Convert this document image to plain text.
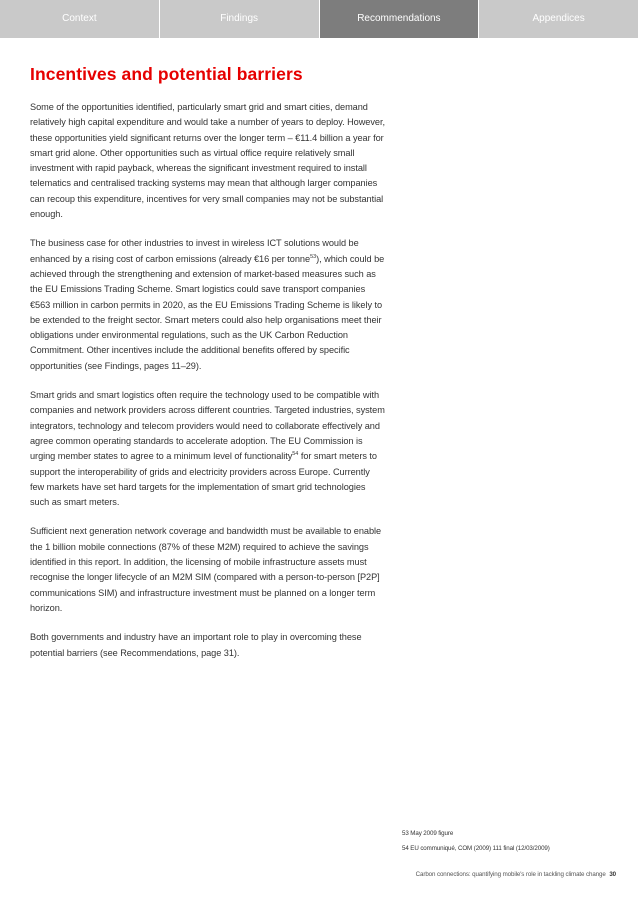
Context	Findings	Recommendations	Appendices
Incentives and potential barriers

Some of the opportunities identified, particularly smart grid and smart cities, demand relatively high capital expenditure and would take a number of years to deploy. However, these opportunities yield significant returns over the longer term – €11.4 billion a year for smart grid alone. Other opportunities such as virtual office require relatively small investment with rapid payback, whereas the significant investment required to install telematics and centralised tracking systems may mean that although larger companies can recoup this expenditure, incentives for very small companies may not be substantial enough.

The business case for other industries to invest in wireless ICT solutions would be enhanced by a rising cost of carbon emissions (already €16 per tonne$^{53}$), which could be achieved through the strengthening and extension of market-based measures such as the EU Emissions Trading Scheme. Smart logistics could save transport companies €563 million in carbon permits in 2020, as the EU Emissions Trading Scheme is likely to be extended to the freight sector. Smart meters could also help organisations meet their obligations under environmental regulations, such as the UK Carbon Reduction Commitment. Other incentives include the additional benefits offered by specific opportunities (see Findings, pages 11–29).

Smart grids and smart logistics often require the technology used to be compatible with companies and network providers across different countries. Targeted industries, system integrators, technology and telecom providers would need to collaborate effectively and agree common operating standards to accelerate adoption. The EU Commission is urging member states to agree to a minimum level of functionality$^{54}$ for smart meters to support the interoperability of grids and electricity providers across Europe. Currently few markets have set hard targets for the implementation of smart grid technologies such as smart meters.

Sufficient next generation network coverage and bandwidth must be available to enable the 1 billion mobile connections (87% of these M2M) required to achieve the savings identified in this report. In addition, the licensing of mobile infrastructure assets must recognise the longer lifecycle of an M2M SIM (compared with a person-to-person [P2P] communications SIM) and infrastructure investment must be planned on a longer term horizon.

Both governments and industry have an important role to play in overcoming these potential barriers (see Recommendations, page 31).

53 May 2009 figure
54 EU communiqué, COM (2009) 111 final (12/03/2009)
Carbon connections: quantifying mobile's role in tackling climate change 30
